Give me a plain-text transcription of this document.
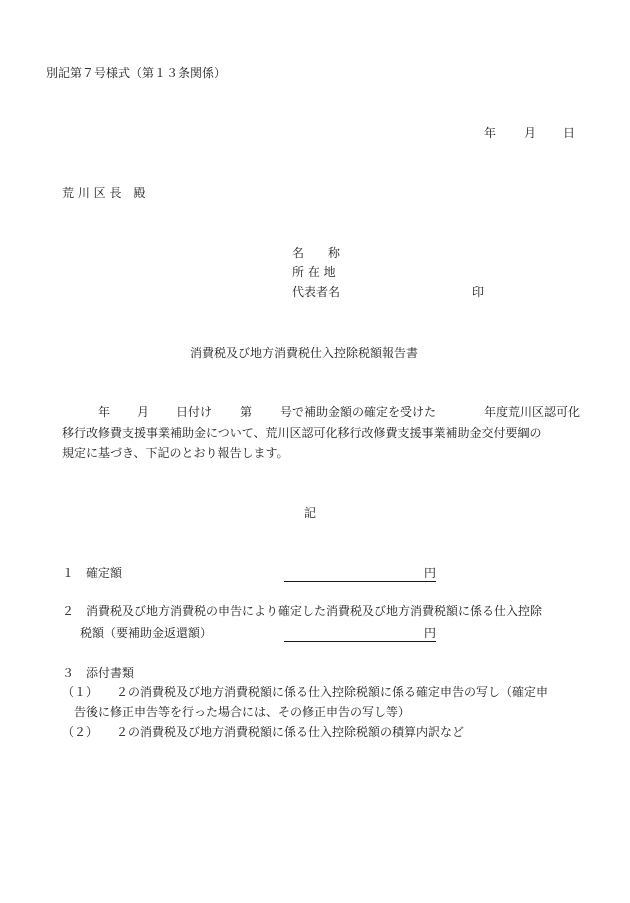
別記第７号様式（第１３条関係）
年 月 日
荒 川 区 長　殿
名　　称
所 在 地
代表者名	印
消費税及び地方消費税仕入控除税額報告書
年 月 日付け 第 号で補助金額の確定を受けた	年度荒川区認可化
移行改修費支援事業補助金について、荒川区認可化移行改修費支援事業補助金交付要綱の
規定に基づき、下記のとおり報告します。
記
１ 確定額	円
２ 消費税及び地方消費税の申告により確定した消費税及び地方消費税額に係る仕入控除
税額（要補助金返還額）	円
３ 添付書類
（１） ２の消費税及び地方消費税額に係る仕入控除税額に係る確定申告の写し（確定申
告後に修正申告等を行った場合には、その修正申告の写し等）
（２） ２の消費税及び地方消費税額に係る仕入控除税額の積算内訳など
